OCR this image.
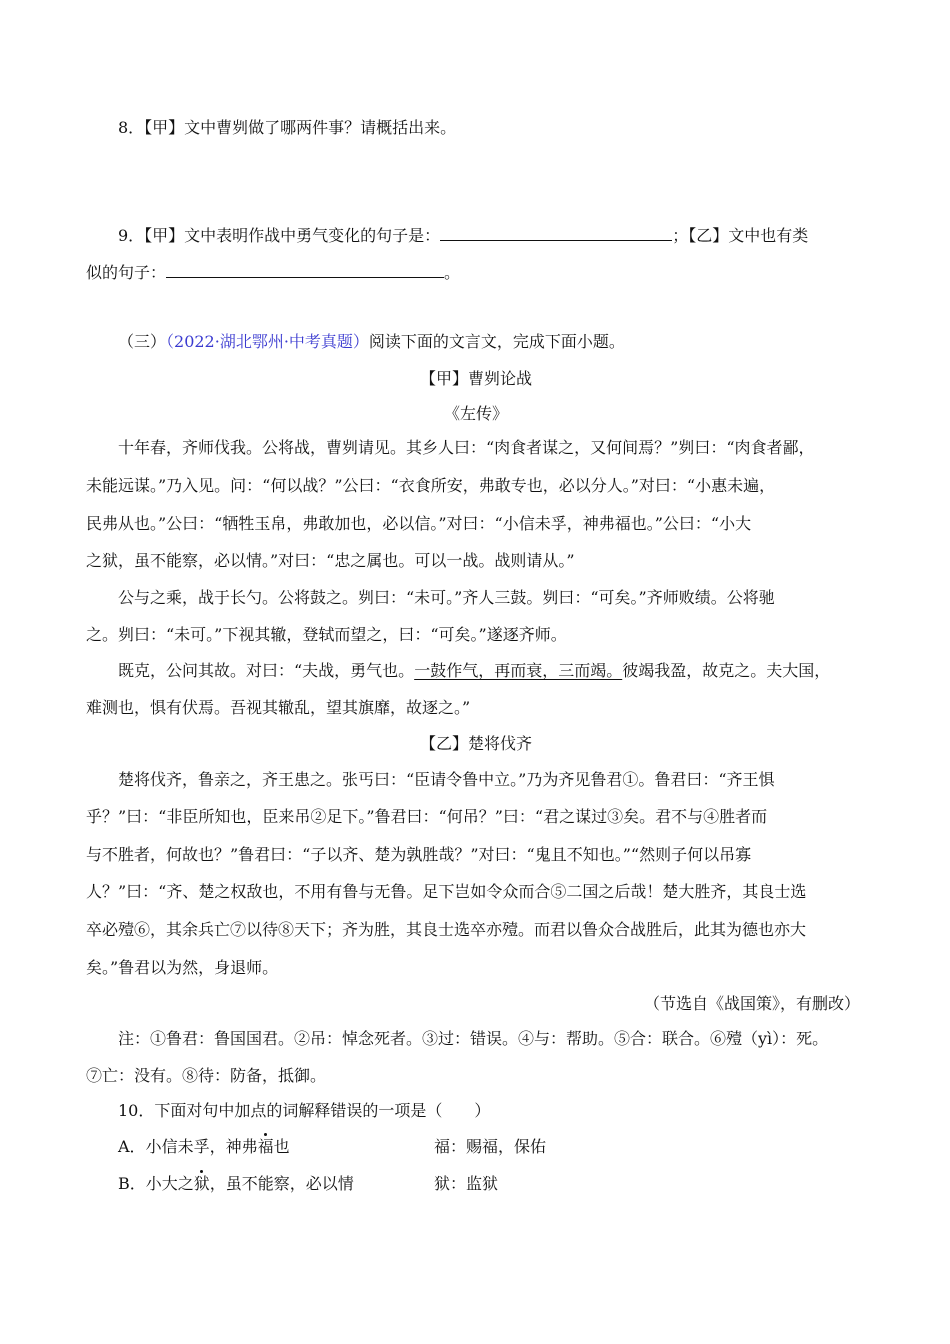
8．【甲】文中曹刿做了哪两件事？请概括出来。
9．【甲】文中表明作战中勇气变化的句子是：	；【乙】文中也有类
似的句子：	。
（三）（2022·湖北鄂州·中考真题）阅读下面的文言文，完成下面小题。
【甲】曹刿论战
《左传》
十年春，齐师伐我。公将战，曹刿请见。其乡人曰：“肉食者谋之，又何间焉？”刿曰：“肉食者鄙，
未能远谋。”乃入见。问：“何以战？”公曰：“衣食所安，弗敢专也，必以分人。”对曰：“小惠未遍，
民弗从也。”公曰：“牺牲玉帛，弗敢加也，必以信。”对曰：“小信未孚，神弗福也。”公曰：“小大
之狱，虽不能察，必以情。”对曰：“忠之属也。可以一战。战则请从。”
公与之乘，战于长勺。公将鼓之。刿曰：“未可。”齐人三鼓。刿曰：“可矣。”齐师败绩。公将驰
之。刿曰：“未可。”下视其辙，登轼而望之，曰：“可矣。”遂逐齐师。
既克，公问其故。对曰：“夫战，勇气也。一鼓作气，再而衰，三而竭。彼竭我盈，故克之。夫大国，
难测也，惧有伏焉。吾视其辙乱，望其旗靡，故逐之。”
【乙】楚将伐齐
楚将伐齐，鲁亲之，齐王患之。张丐曰：“臣请令鲁中立。”乃为齐见鲁君①。鲁君曰：“齐王惧
乎？”曰：“非臣所知也，臣来吊②足下。”鲁君曰：“何吊？”曰：“君之谋过③矣。君不与④胜者而
与不胜者，何故也？”鲁君曰：“子以齐、楚为孰胜哉？”对曰：“鬼且不知也。”“然则子何以吊寡
人？”曰：“齐、楚之权敌也，不用有鲁与无鲁。足下岂如令众而合⑤二国之后哉！楚大胜齐，其良士选
卒必殪⑥，其余兵亡⑦以待⑧天下；齐为胜，其良士选卒亦殪。而君以鲁众合战胜后，此其为德也亦大
矣。”鲁君以为然，身退师。
（节选自《战国策》，有删改）
注：①鲁君：鲁国国君。②吊：悼念死者。③过：错误。④与：帮助。⑤合：联合。⑥殪（yì）：死。
⑦亡：没有。⑧待：防备，抵御。
10．下面对句中加点的词解释错误的一项是（　　）
A．小信未孚，神弗福也	福：赐福，保佑
B．小大之狱，虽不能察，必以情	狱：监狱
